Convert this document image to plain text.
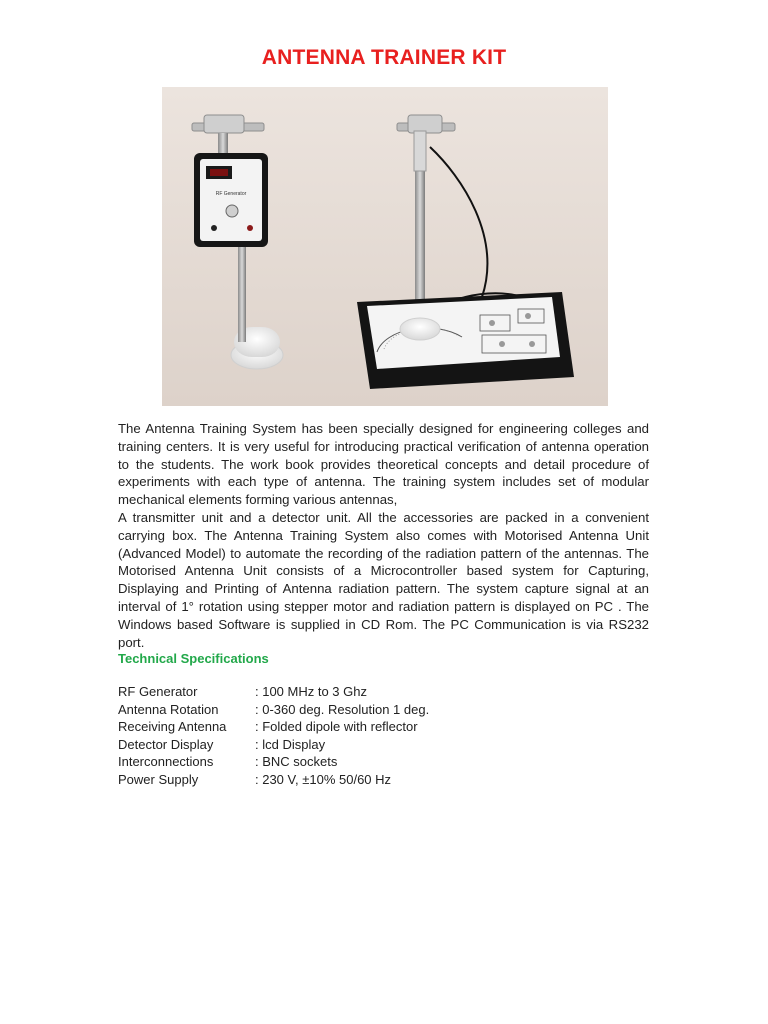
ANTENNA TRAINER KIT
RF Generator

The Antenna Training System has been specially designed for engineering colleges and training centers. It is very useful for introducing practical verification of antenna operation to the students. The work book provides theoretical concepts and detail procedure of experiments with each type of antenna. The training system includes set of modular mechanical elements forming various antennas,

A transmitter unit and a detector unit. All the accessories are packed in a convenient carrying box. The Antenna Training System also comes with Motorised Antenna Unit (Advanced Model) to automate the recording of the radiation pattern of the antennas. The Motorised Antenna Unit consists of a Microcontroller based system for Capturing, Displaying and Printing of Antenna radiation pattern. The system capture signal at an interval of 1° rotation using stepper motor and radiation pattern is displayed on PC . The Windows based Software is supplied in CD Rom. The PC Communication is via RS232 port.

Technical Specifications
RF Generator	: 100 MHz to 3 Ghz
Antenna Rotation	: 0-360 deg. Resolution 1 deg.
Receiving Antenna	: Folded dipole with reflector
Detector Display	: lcd Display
Interconnections	: BNC sockets
Power Supply	: 230 V, ±10% 50/60 Hz
